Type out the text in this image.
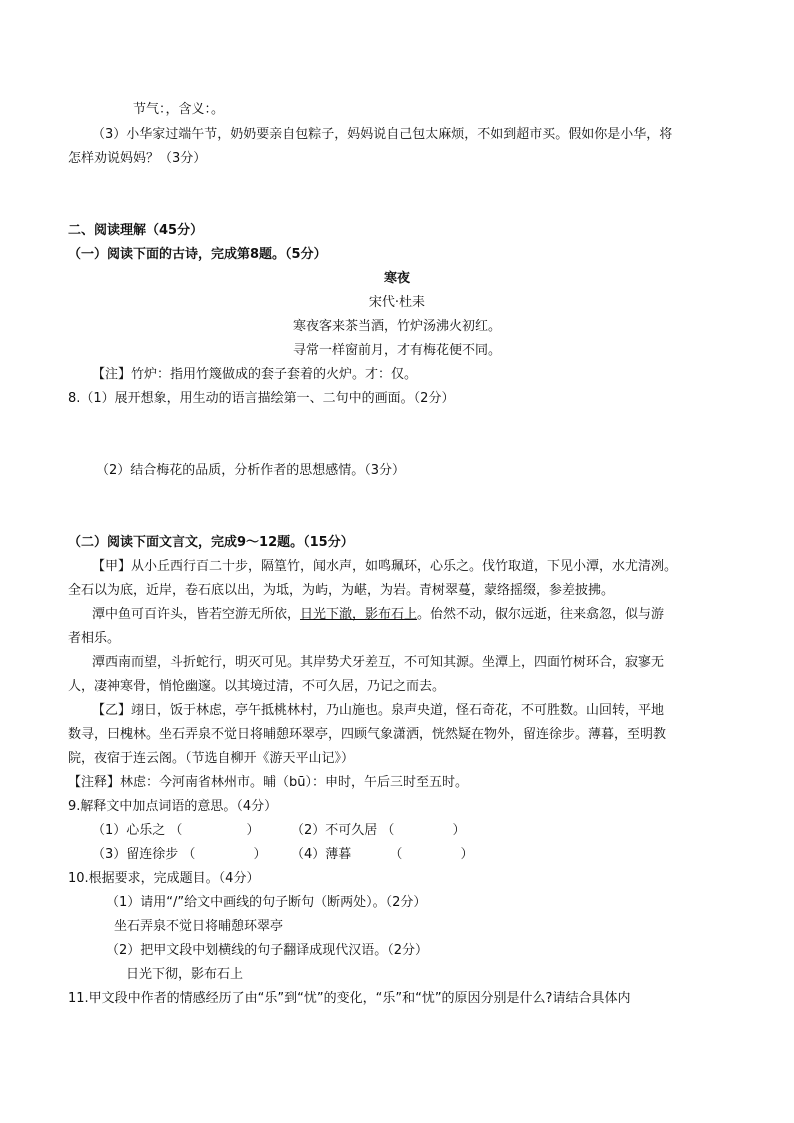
节气：，含义：。

（3）小华家过端午节，奶奶要亲自包粽子，妈妈说自己包太麻烦，不如到超市买。假如你是小华，将

怎样劝说妈妈？（3分）

二、阅读理解（45分）

（一）阅读下面的古诗，完成第8题。（5分）

寒夜

宋代·杜耒

寒夜客来茶当酒，竹炉汤沸火初红。

寻常一样窗前月，才有梅花便不同。

【注】竹炉：指用竹篾做成的套子套着的火炉。才：仅。

8.（1）展开想象，用生动的语言描绘第一、二句中的画面。（2分）

（2）结合梅花的品质，分析作者的思想感情。（3分）

（二）阅读下面文言文，完成9～12题。（15分）

【甲】从小丘西行百二十步，隔篁竹，闻水声，如鸣珮环，心乐之。伐竹取道，下见小潭，水尤清冽。

全石以为底，近岸，卷石底以出，为坻，为屿，为嵁，为岩。青树翠蔓，蒙络摇缀，参差披拂。

潭中鱼可百许头，皆若空游无所依，日光下澈，影布石上。佁然不动，俶尔远逝，往来翕忽，似与游

者相乐。

潭西南而望，斗折蛇行，明灭可见。其岸势犬牙差互，不可知其源。坐潭上，四面竹树环合，寂寥无

人，凄神寒骨，悄怆幽邃。以其境过清，不可久居，乃记之而去。

【乙】翊日，饭于林虑，亭午抵桃林村，乃山施也。泉声央道，怪石奇花，不可胜数。山回转，平地

数寻，曰槐林。坐石弄泉不觉日将晡憩环翠亭，四顾气象潇洒，恍然疑在物外，留连徐步。薄暮，至明教

院，夜宿于连云阁。（节选自柳开《游天平山记》）

【注释】林虑：今河南省林州市。晡（bū）：申时，午后三时至五时。

9.解释文中加点词语的意思。（4分）

（1）心乐之 （	） （2）不可久居 （	）

（3）留连徐步 （	） （4）薄暮	（	）

10.根据要求，完成题目。（4分）

（1）请用“/”给文中画线的句子断句（断两处）。（2分）

坐石弄泉不觉日将晡憩环翠亭

（2）把甲文段中划横线的句子翻译成现代汉语。（2分）

日光下彻，影布石上

11.甲文段中作者的情感经历了由“乐”到“忧”的变化，“乐”和“忧”的原因分别是什么?请结合具体内
